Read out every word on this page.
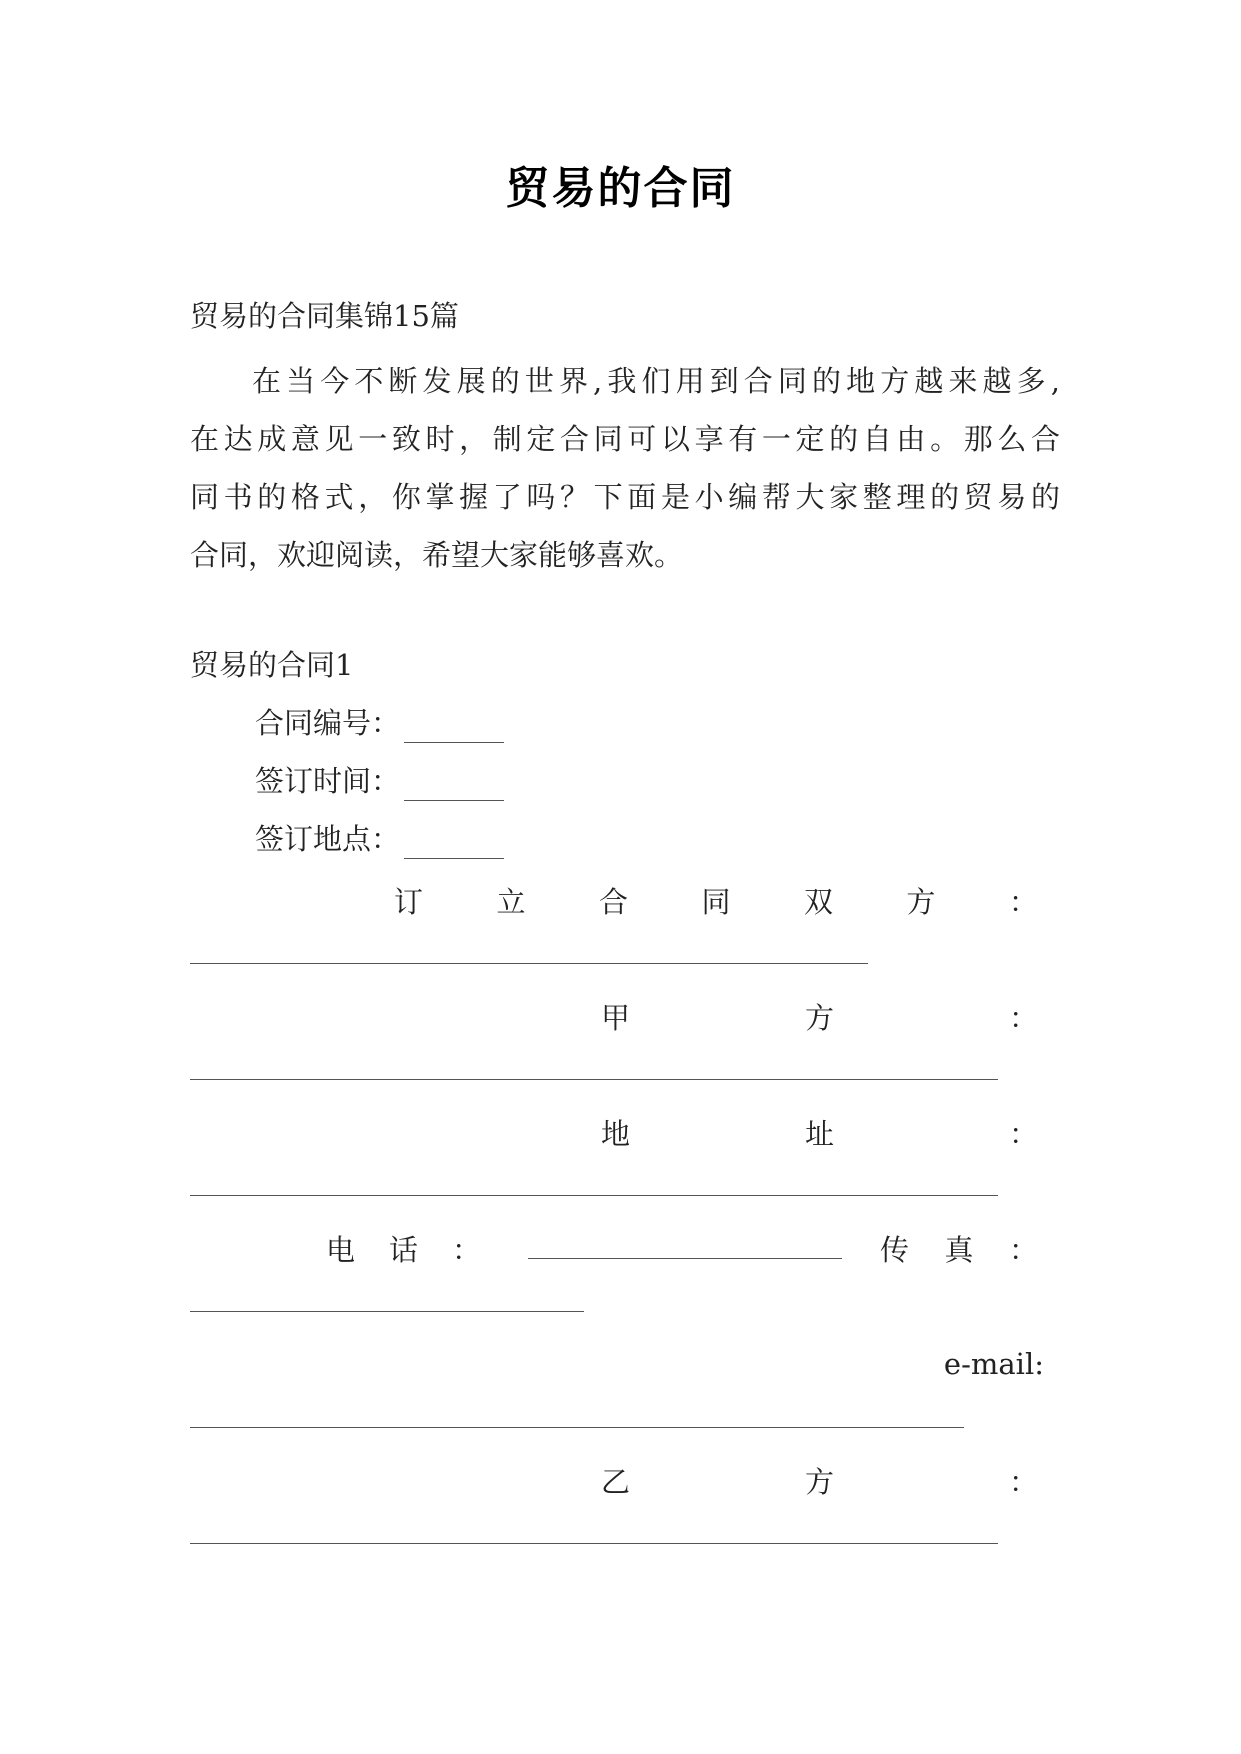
贸易的合同
贸易的合同集锦15篇
在当今不断发展的世界,我们用到合同的地方越来越多,
在达成意见一致时，制定合同可以享有一定的自由。那么合
同书的格式，你掌握了吗？下面是小编帮大家整理的贸易的
合同，欢迎阅读，希望大家能够喜欢。
贸易的合同1
合同编号：
签订时间：
签订地点：
订	立	合	同	双	方	：
甲	方	：
地	址	：
电 话 ：	传 真 ：
e-mail:
乙	方	：
